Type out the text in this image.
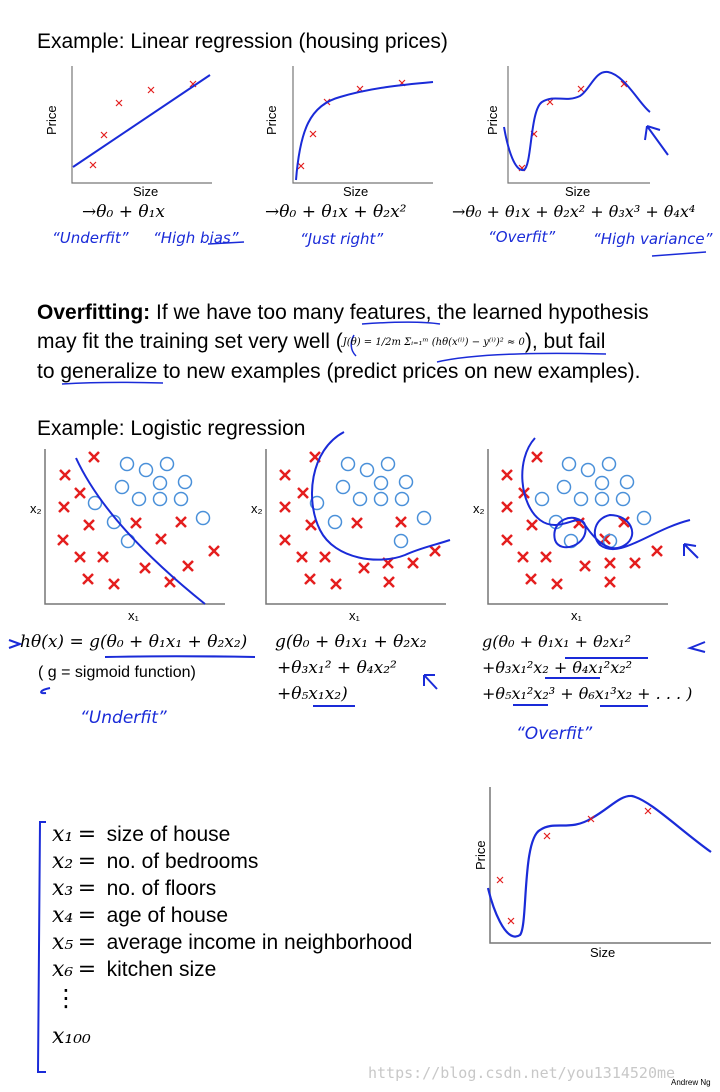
Example: Linear regression (housing prices)
Price
Size
Price
Size
Price
Size
→θ₀ + θ₁x	→θ₀ + θ₁x + θ₂x²	→θ₀ + θ₁x + θ₂x² + θ₃x³ + θ₄x⁴
“Underfit” “High bias”	“Just right”	“Overfit”	“High variance”
Overfitting: If we have too many features, the learned hypothesis
may fit the training set very well (J(θ) = 1/2m Σᵢ₌₁ᵐ (hθ(x⁽ⁱ⁾) − y⁽ⁱ⁾)² ≈ 0), but fail
to generalize to new examples (predict prices on new examples).
Example: Logistic regression
x₂
x₁
x₂
x₁
x₂
x₁
hθ(x) = g(θ₀ + θ₁x₁ + θ₂x₂)
( g = sigmoid function)
g(θ₀ + θ₁x₁ + θ₂x₂
+θ₃x₁² + θ₄x₂²
+θ₅x₁x₂)
g(θ₀ + θ₁x₁ + θ₂x₁²
+θ₃x₁²x₂ + θ₄x₁²x₂²
+θ₅x₁²x₂³ + θ₆x₁³x₂ + . . . )
“Underfit”
“Overfit”
x₁ = size of house
x₂ = no. of bedrooms
x₃ = no. of floors
x₄ = age of house
x₅ = average income in neighborhood
x₆ = kitchen size
⋮
x₁₀₀
Price
Size
https://blog.csdn.net/you1314520me
Andrew Ng
